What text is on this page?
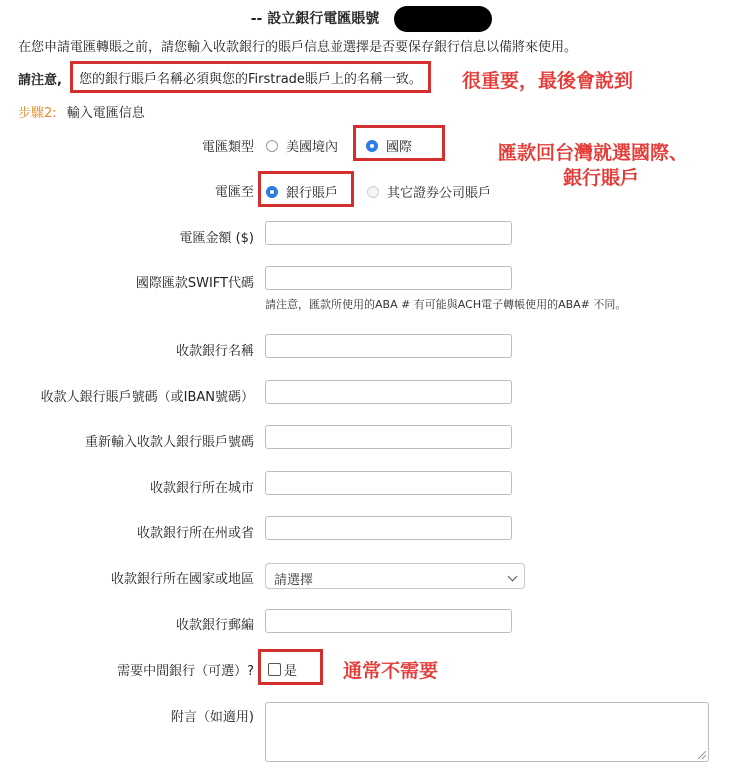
-- 設立銀行電匯賬號
在您申請電匯轉賬之前，請您輸入收款銀行的賬戶信息並選擇是否要保存銀行信息以備將來使用。
請注意,	您的銀行賬戶名稱必須與您的Firstrade賬戶上的名稱一致。	很重要，最後會說到
步驟2: 輸入電匯信息
電匯類型	美國境內	國際	匯款回台灣就選國際、
銀行賬戶
電匯至	銀行賬戶	其它證券公司賬戶
電匯金額 ($)
國際匯款SWIFT代碼
請注意，匯款所使用的ABA # 有可能與ACH電子轉帳使用的ABA# 不同。
收款銀行名稱
收款人銀行賬戶號碼（或IBAN號碼）
重新輸入收款人銀行賬戶號碼
收款銀行所在城市
收款銀行所在州或省
收款銀行所在國家或地區 請選擇
收款銀行郵編
需要中間銀行（可選）?	是 通常不需要
附言（如適用)
